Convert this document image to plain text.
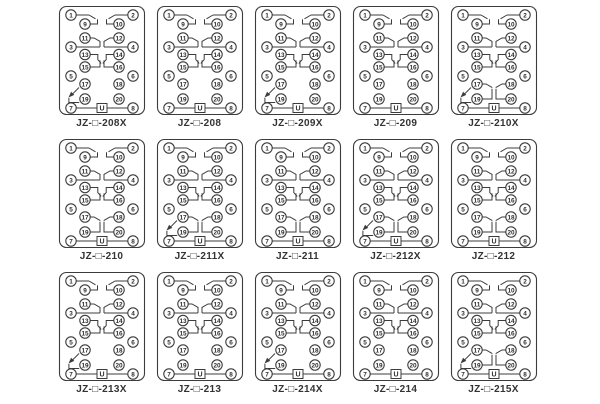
U
1	2
9	10
11	12
3	4
13	14
15	16
5	6
17	18
19	20
7	8
JZ-□-208X
U
1	2
9	10
11	12
3	4
13	14
15	16
5	6
17	18
19	20
7	8
JZ-□-208
U
1	2
9	10
11	12
3	4
13	14
15	16
5	6
17	18
19	20
7	8
JZ-□-209X
U
1	2
9	10
11	12
3	4
13	14
15	16
5	6
17	18
19	20
7	8
JZ-□-209
U
1	2
9	10
11	12
3	4
13	14
15	16
5	6
17	18
19	20
7	8
JZ-□-210X
U
1	2
9	10
11	12
3	4
13	14
15	16
5	6
17	18
19	20
7	8
JZ-□-210
U
1	2
9	10
11	12
3	4
13	14
15	16
5	6
17	18
19	20
7	8
JZ-□-211X
U
1	2
9	10
11	12
3	4
13	14
15	16
5	6
17	18
19	20
7	8
JZ-□-211
U
1	2
9	10
11	12
3	4
13	14
15	16
5	6
17	18
19	20
7	8
JZ-□-212X
U
1	2
9	10
11	12
3	4
13	14
15	16
5	6
17	18
19	20
7	8
JZ-□-212
U
1	2
9	10
11	12
3	4
13	14
15	16
5	6
17	18
19	20
7	8
JZ-□-213X
U
1	2
9	10
11	12
3	4
13	14
15	16
5	6
17	18
19	20
7	8
JZ-□-213
U
1	2
9	10
11	12
3	4
13	14
15	16
5	6
17	18
19	20
7	8
JZ-□-214X
U
1	2
9	10
11	12
3	4
13	14
15	16
5	6
17	18
19	20
7	8
JZ-□-214
U
1	2
9	10
11	12
3	4
13	14
15	16
5	6
17	18
19	20
7	8
JZ-□-215X
